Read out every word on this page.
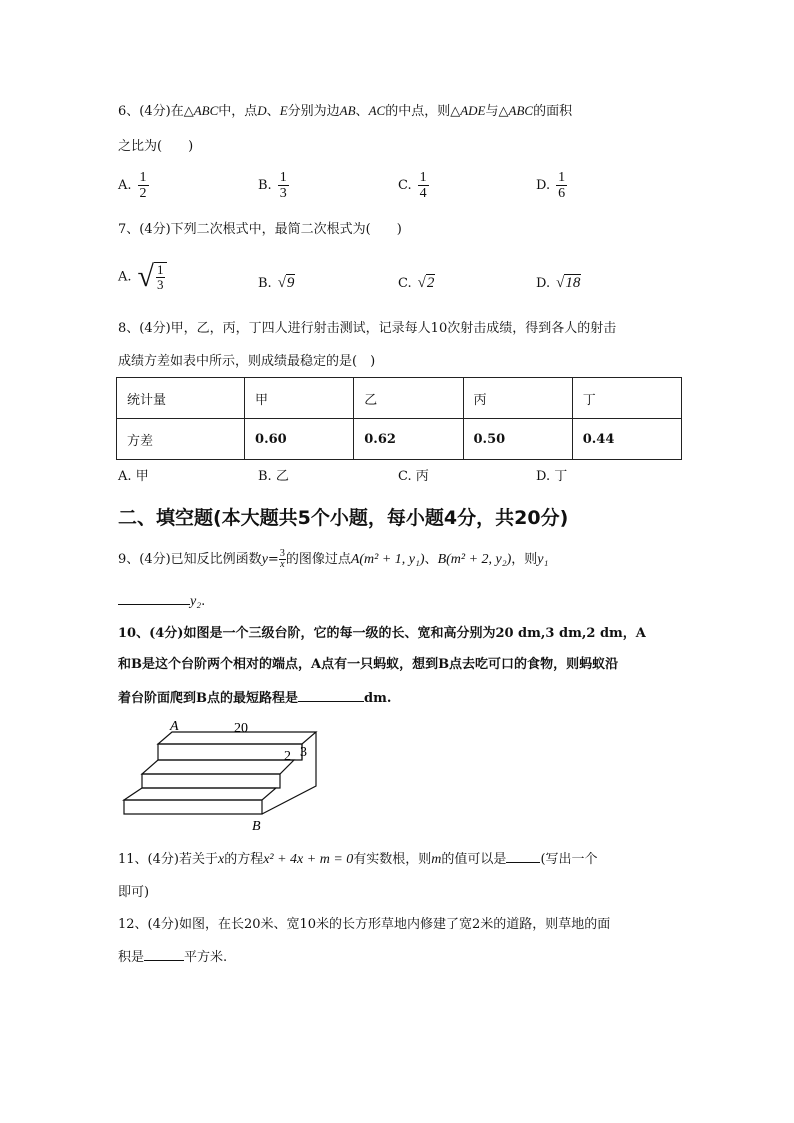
6、(4分)在△ABC中，点D、E分别为边AB、AC的中点，则△ADE与△ABC的面积
之比为(　　)
A. $\frac{1}{2}$	B. $\frac{1}{3}$	C. $\frac{1}{4}$	D. $\frac{1}{6}$
7、(4分)下列二次根式中，最简二次根式为(　　)
A. √ $\frac{1}{3}$	B. √9	C. √2	D. √18
8、(4分)甲，乙，丙，丁四人进行射击测试，记录每人10次射击成绩，得到各人的射击
成绩方差如表中所示，则成绩最稳定的是(　)
统计量	甲	乙	丙	丁
方差	0.60	0.62	0.50	0.44
A. 甲	B. 乙	C. 丙	D. 丁
二、填空题(本大题共5个小题，每小题4分，共20分)
9、(4分)已知反比例函数$y= \frac{3}{x}$ 的图像过点A(m² + 1, y₁)、B(m² + 2, y₂)，则y₁
y₂.
10、(4分)如图是一个三级台阶，它的每一级的长、宽和高分别为20 dm,3 dm,2 dm，A
和B是这个台阶两个相对的端点，A点有一只蚂蚁，想到B点去吃可口的食物，则蚂蚁沿
着台阶面爬到B点的最短路程是	dm.
A	20
2 3
B
11、(4分)若关于x的方程x² + 4x + m = 0有实数根，则m的值可以是	(写出一个
即可)
12、(4分)如图，在长20米、宽10米的长方形草地内修建了宽2米的道路，则草地的面
积是	平方米.
